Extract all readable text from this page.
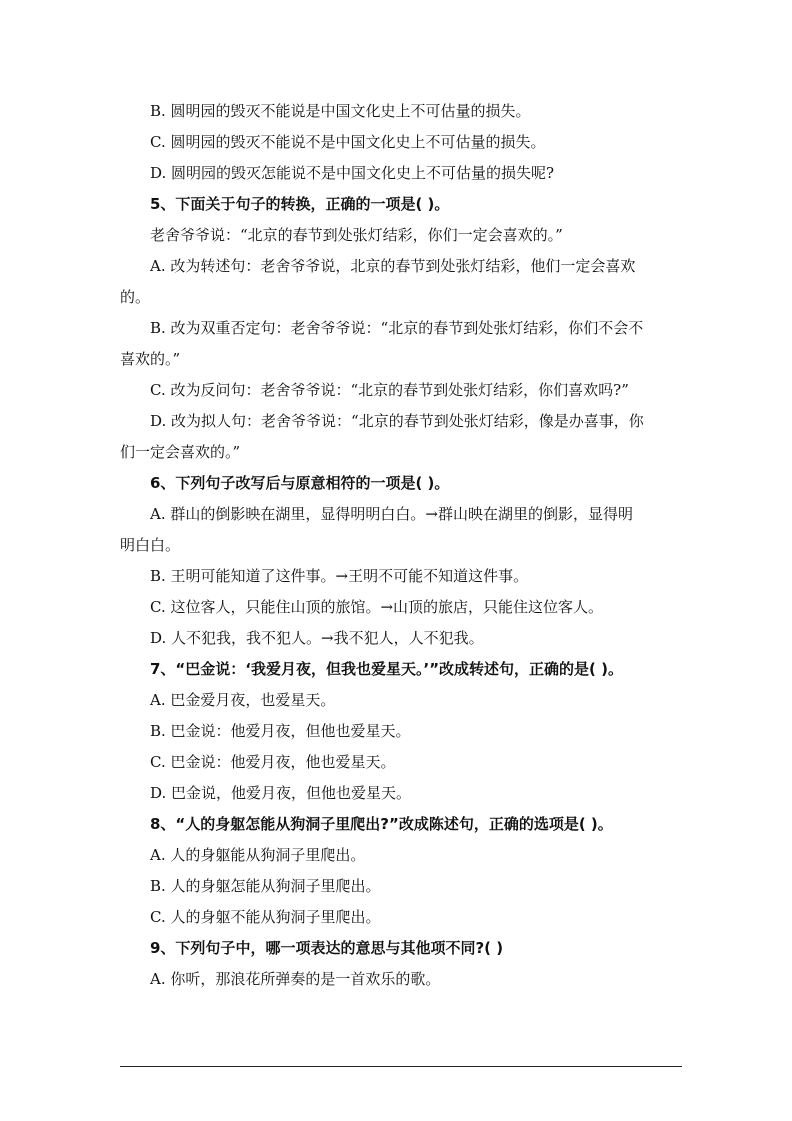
B. 圆明园的毁灭不能说是中国文化史上不可估量的损失。

C. 圆明园的毁灭不能说不是中国文化史上不可估量的损失。

D. 圆明园的毁灭怎能说不是中国文化史上不可估量的损失呢?

5、下面关于句子的转换，正确的一项是( )。

老舍爷爷说：“北京的春节到处张灯结彩，你们一定会喜欢的。”

A. 改为转述句：老舍爷爷说，北京的春节到处张灯结彩，他们一定会喜欢

的。

B. 改为双重否定句：老舍爷爷说：“北京的春节到处张灯结彩，你们不会不

喜欢的。”

C. 改为反问句：老舍爷爷说：“北京的春节到处张灯结彩，你们喜欢吗?”

D. 改为拟人句：老舍爷爷说：“北京的春节到处张灯结彩，像是办喜事，你

们一定会喜欢的。”

6、下列句子改写后与原意相符的一项是( )。

A. 群山的倒影映在湖里，显得明明白白。→群山映在湖里的倒影，显得明

明白白。

B. 王明可能知道了这件事。→王明不可能不知道这件事。

C. 这位客人，只能住山顶的旅馆。→山顶的旅店，只能住这位客人。

D. 人不犯我，我不犯人。→我不犯人，人不犯我。

7、“巴金说：‘我爱月夜，但我也爱星天。’”改成转述句，正确的是( )。

A. 巴金爱月夜，也爱星天。

B. 巴金说：他爱月夜，但他也爱星天。

C. 巴金说：他爱月夜，他也爱星天。

D. 巴金说，他爱月夜，但他也爱星天。

8、“人的身躯怎能从狗洞子里爬出?”改成陈述句，正确的选项是( )。

A. 人的身躯能从狗洞子里爬出。

B. 人的身躯怎能从狗洞子里爬出。

C. 人的身躯不能从狗洞子里爬出。

9、下列句子中，哪一项表达的意思与其他项不同?( )

A. 你听，那浪花所弹奏的是一首欢乐的歌。
